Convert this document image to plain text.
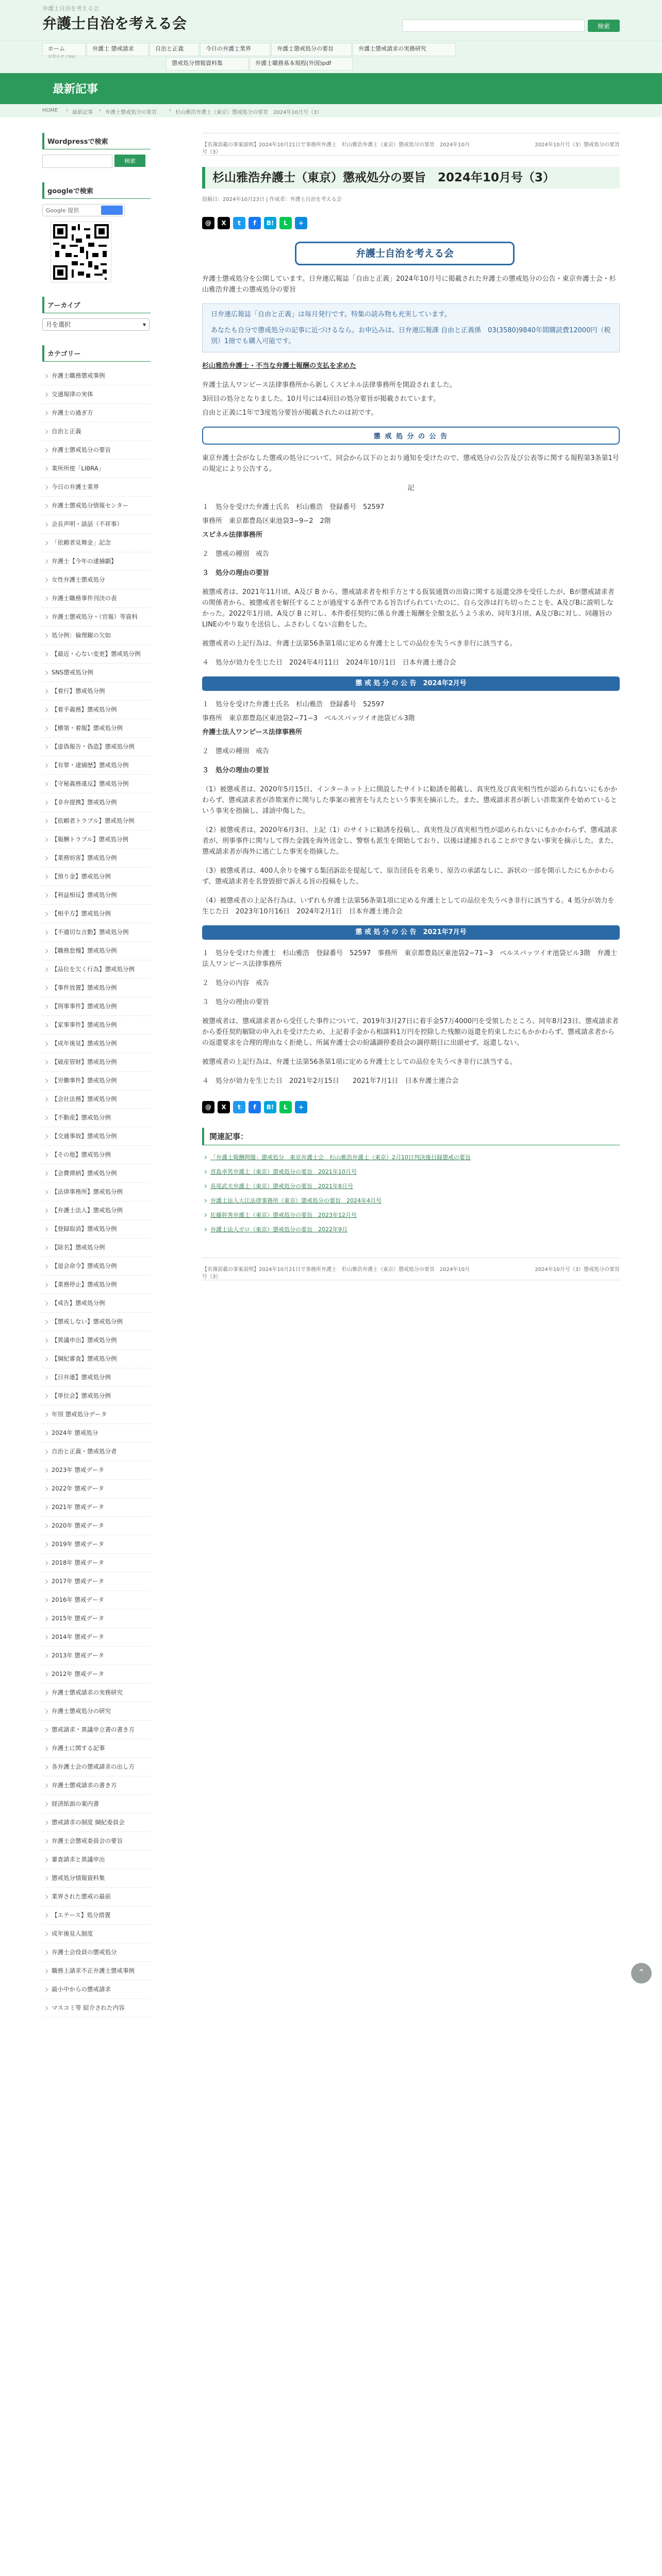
弁護士自治を考える会
弁護士自治を考える会	検索
ホーム
お知らせ / top
弁護士 懲戒請求	自治と正義	今日の弁護士業界	弁護士懲戒処分の要旨	弁護士懲戒請求の実務研究
懲戒処分情報資料集	弁護士職務基本規程(外国)pdf
最新記事
HOME › 最新記事 › 弁護士懲戒処分の要旨 › 杉山雅浩弁護士（東京）懲戒処分の要旨　2024年10月号（3）
Wordpressで検索
検索
googleで検索
Google 提供
アーカイブ
月を選択 ▾
カテゴリー
弁護士職務懲戒事例
交通規律の実体
弁護士の過ぎ方
自治と正義
弁護士懲戒処分の要旨
業所所使「LIBRA」
今日の弁護士業界
弁護士懲戒処分情報センター
会長声明・談話（不祥事）
「依頼者見舞金」記念
弁護士【今年の逮捕劇】
女性弁護士懲戒処分
弁護士職務事件刊決の表
弁護士懲戒処分・（官報）等資料
処分例：倫理観の欠如
【最近・心ない変更】懲戒処分例
SNS懲戒処分例
【着行】懲戒処分例
【着手義務】懲戒処分例
【横領・着服】懲戒処分例
【虚偽報告・偽造】懲戒処分例
【有罪・逮捕歴】懲戒処分例
【守秘義務違反】懲戒処分例
【非弁提携】懲戒処分例
【依頼者トラブル】懲戒処分例
【報酬トラブル】懲戒処分例
【業務妨害】懲戒処分例
【預り金】懲戒処分例
【利益相反】懲戒処分例
【相手方】懲戒処分例
【不適切な言動】懲戒処分例
【職務怠慢】懲戒処分例
【品位を欠く行為】懲戒処分例
【事件放置】懲戒処分例
【刑事事件】懲戒処分例
【家事事件】懲戒処分例
【成年後見】懲戒処分例
【破産管財】懲戒処分例
【労働事件】懲戒処分例
【会社法務】懲戒処分例
【不動産】懲戒処分例
【交通事故】懲戒処分例
【その他】懲戒処分例
【会費滞納】懲戒処分例
【法律事務所】懲戒処分例
【弁護士法人】懲戒処分例
【登録取消】懲戒処分例
【除名】懲戒処分例
【退会命令】懲戒処分例
【業務停止】懲戒処分例
【戒告】懲戒処分例
【懲戒しない】懲戒処分例
【異議申出】懲戒処分例
【綱紀審査】懲戒処分例
【日弁連】懲戒処分例
【単位会】懲戒処分例
年別 懲戒処分データ
2024年 懲戒処分
自治と正義・懲戒処分者
2023年 懲戒データ
2022年 懲戒データ
2021年 懲戒データ
2020年 懲戒データ
2019年 懲戒データ
2018年 懲戒データ
2017年 懲戒データ
2016年 懲戒データ
2015年 懲戒データ
2014年 懲戒データ
2013年 懲戒データ
2012年 懲戒データ
弁護士懲戒請求の実務研究
弁護士懲戒処分の研究
懲戒請求・異議申立書の書き方
弁護士に関する記事
各弁護士会の懲戒請求の出し方
弁護士懲戒請求の書き方
経済紙面の案内書
懲戒請求の制度 綱紀委員会
弁護士会懲戒委員会の要旨
審査請求と異議申出
懲戒処分情報資料集
業界された懲戒の最前
【エテース】処分措置
成年後見人制度
弁護士会役員の懲戒処分
職務上請求不正弁護士懲戒事例
最小中からの懲戒請求
マスコミ等 紹介された内容
【名簿誤載の事案説明】2024年10月21日で事務所弁護士　杉山雅浩弁護士（東京）懲戒処分の要旨　2024年10月号（3）
2024年10月号（3）懲戒処分の要旨
杉山雅浩弁護士（東京）懲戒処分の要旨　2024年10月号（3）
投稿日：2024年10月23日 | 作成者：弁護士自治を考える会
@	X	t	f	B!	L	+
弁護士自治を考える会
弁護士懲戒処分を公開しています。日弁連広報誌「自由と正義」2024年10月号に掲載された弁護士の懲戒処分の公告・東京弁護士会・杉山雅浩弁護士の懲戒処分の要旨
日弁連広報誌「自由と正義」は毎月発行です。特集の読み物も充実しています。
あなたも自分で懲戒処分の記事に近づけるなら。お申込みは、日弁連広報課 自由と正義係　03(3580)9840年間購読費12000円（税別）1冊でも購入可能です。
杉山雅浩弁護士・不当な弁護士報酬の支払を求めた
弁護士法人ワンピース法律事務所から新しくスピネル法律事務所を開設されました。
3回目の処分となりました。10月号には4回目の処分要旨が掲載されています。
自由と正義に1年で3度処分要旨が掲載されたのは初です。
懲 戒 処 分 の 公 告
東京弁護士会がなした懲戒の処分について、同会から以下のとおり通知を受けたので、懲戒処分の公告及び公表等に関する規程第3条第1号の規定により公告する。
記
１　処分を受けた弁護士氏名　杉山雅浩　登録番号　52597
事務所　東京都豊島区東池袋3−9−2　2階
スピネル法律事務所
２　懲戒の種別　戒告
３　処分の理由の要旨
被懲戒者は、2021年11月頃、A及び B から、懲戒請求者を相手方とする仮装通貨の出資に関する返還交渉を受任したが、Bが懲戒請求者の関係者から、被懲戒者を解任することが過度する条件である旨告げられていたのに、自ら交渉は打ち切ったことを、A及びBに説明しなかった。2022年1月頃、A及び B に対し、本件委任契約に係る弁護士報酬を全額支払うよう求め、同年3月頃、A及びBに対し、同趣旨のLINEのやり取りを送信し、ふさわしくない言動をした。
被懲戒者の上記行為は、弁護士法第56条第1項に定める弁護士としての品位を失うべき非行に該当する。
４　処分が効力を生じた日　2024年4月11日　2024年10月1日　日本弁護士連合会
懲 戒 処 分 の 公 告　2024年2月号
１　処分を受けた弁護士氏名　杉山雅浩　登録番号　52597
事務所　東京都豊島区東池袋2−71−3　ベルスパッツイオ池袋ビル3階
弁護士法人ワンピース法律事務所
２　懲戒の種別　戒告
３　処分の理由の要旨
（1）被懲戒者は、2020年5月15日、インターネット上に開設したサイトに勧誘を掲載し、真実性及び真実相当性が認められないにもかかわらず、懲戒請求者が詐欺案件に関与した事案の被害を与えたという事実を摘示した。また、懲戒請求者が新しい詐欺案件を始めているという事実を指摘し、誹謗中傷した。
（2）被懲戒者は、2020年6月3日、上記（1）のサイトに勧誘を投稿し、真実性及び真実相当性が認められないにもかかわらず、懲戒請求者が、刑事事件に関与して得た金銭を海外送金し、警察も派生を開始しており、以後は逮捕されることができない事実を摘示した。また、懲戒請求者が海外に逃亡した事実を指摘した。
（3）被懲戒者は、400人余りを擁する集団訴訟を提起して、原告団長を名乗り、原告の承諾なしに、訴状の一部を開示したにもかかわらず、懲戒請求者を名誉毀損で訴える旨の投稿をした。
（4）被懲戒者の上記各行為は、いずれも弁護士法第56条第1項に定める弁護士としての品位を失うべき非行に該当する。4 処分が効力を生じた日　2023年10月16日　2024年2月1日　日本弁護士連合会
懲 戒 処 分 の 公 告　2021年7月号
１　処分を受けた弁護士　杉山雅浩　登録番号　52597　事務所　東京都豊島区東池袋2−71−3　ベルスパッツイオ池袋ビル3階　弁護士法人ワンピース法律事務所
２　処分の内容　戒告
３　処分の理由の要旨
被懲戒者は、懲戒請求者から受任した事件について、2019年3月27日に着手金57万4000円を受領したところ、同年8月23日、懲戒請求者から委任契約解除の申入れを受けたため、上記着手金から相談料1万円を控除した残額の返還を約束したにもかかわらず、懲戒請求者からの返還要求を合理的理由なく拒絶し、所属弁護士会の紛議調停委員会の調停期日に出頭せず、返還しない。
被懲戒者の上記行為は、弁護士法第56条第1項に定める弁護士としての品位を失うべき非行に該当する。
４　処分が効力を生じた日　2021年2月15日　　2021年7月1日　日本弁護士連合会
@	X	t	f	B!	L	+
関連記事：
「弁護士報酬問題」懲戒処分　東京弁護士会　杉山雅浩弁護士（東京）2月10日判決後目録懲戒の要旨
宮島幸男弁護士（東京）懲戒処分の要旨　2021年10月号
長尾武夫弁護士（東京）懲戒処分の要旨　2021年8月号
弁護士法人大江法律事務所（東京）懲戒処分の要旨　2024年4月号
佐藤幹秀弁護士（東京）懲戒処分の要旨　2023年12月号
弁護士法人ガロ（東京）懲戒処分の要旨　2022年9月
【名簿誤載の事案説明】2024年10月21日で事務所弁護士　杉山雅浩弁護士（東京）懲戒処分の要旨　2024年10月号（3）
2024年10月号（3）懲戒処分の要旨
⌃
